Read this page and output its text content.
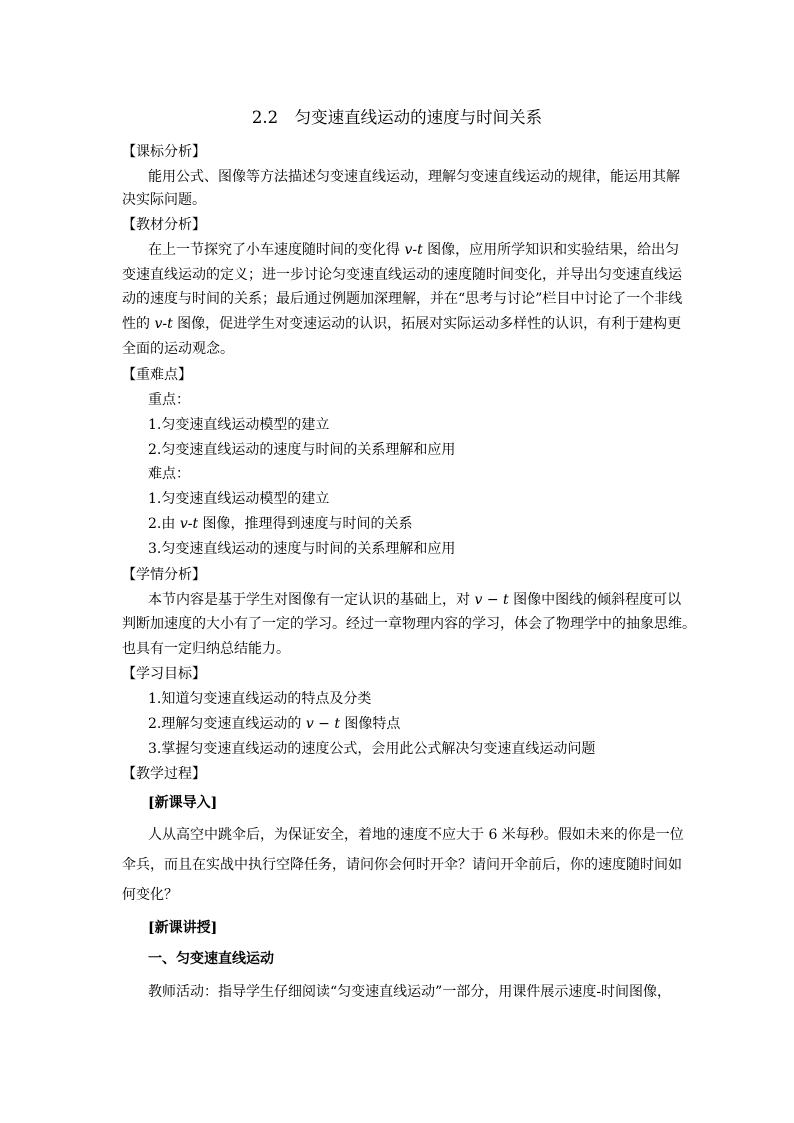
2.2　匀变速直线运动的速度与时间关系
【课标分析】
能用公式、图像等方法描述匀变速直线运动，理解匀变速直线运动的规律，能运用其解
决实际问题。
【教材分析】
在上一节探究了小车速度随时间的变化得 v-t 图像，应用所学知识和实验结果，给出匀
变速直线运动的定义；进一步讨论匀变速直线运动的速度随时间变化，并导出匀变速直线运
动的速度与时间的关系；最后通过例题加深理解，并在“思考与讨论”栏目中讨论了一个非线
性的 v-t 图像，促进学生对变速运动的认识，拓展对实际运动多样性的认识，有利于建构更
全面的运动观念。
【重难点】
重点：
1.匀变速直线运动模型的建立
2.匀变速直线运动的速度与时间的关系理解和应用
难点：
1.匀变速直线运动模型的建立
2.由 v-t 图像，推理得到速度与时间的关系
3.匀变速直线运动的速度与时间的关系理解和应用
【学情分析】
本节内容是基于学生对图像有一定认识的基础上，对 v − t 图像中图线的倾斜程度可以
判断加速度的大小有了一定的学习。经过一章物理内容的学习，体会了物理学中的抽象思维。
也具有一定归纳总结能力。
【学习目标】
1.知道匀变速直线运动的特点及分类
2.理解匀变速直线运动的 v − t 图像特点
3.掌握匀变速直线运动的速度公式，会用此公式解决匀变速直线运动问题
【教学过程】
[新课导入]
人从高空中跳伞后，为保证安全，着地的速度不应大于 6 米每秒。假如未来的你是一位
伞兵，而且在实战中执行空降任务，请问你会何时开伞？请问开伞前后，你的速度随时间如
何变化？
[新课讲授]
一、匀变速直线运动
教师活动：指导学生仔细阅读“匀变速直线运动”一部分，用课件展示速度-时间图像，
